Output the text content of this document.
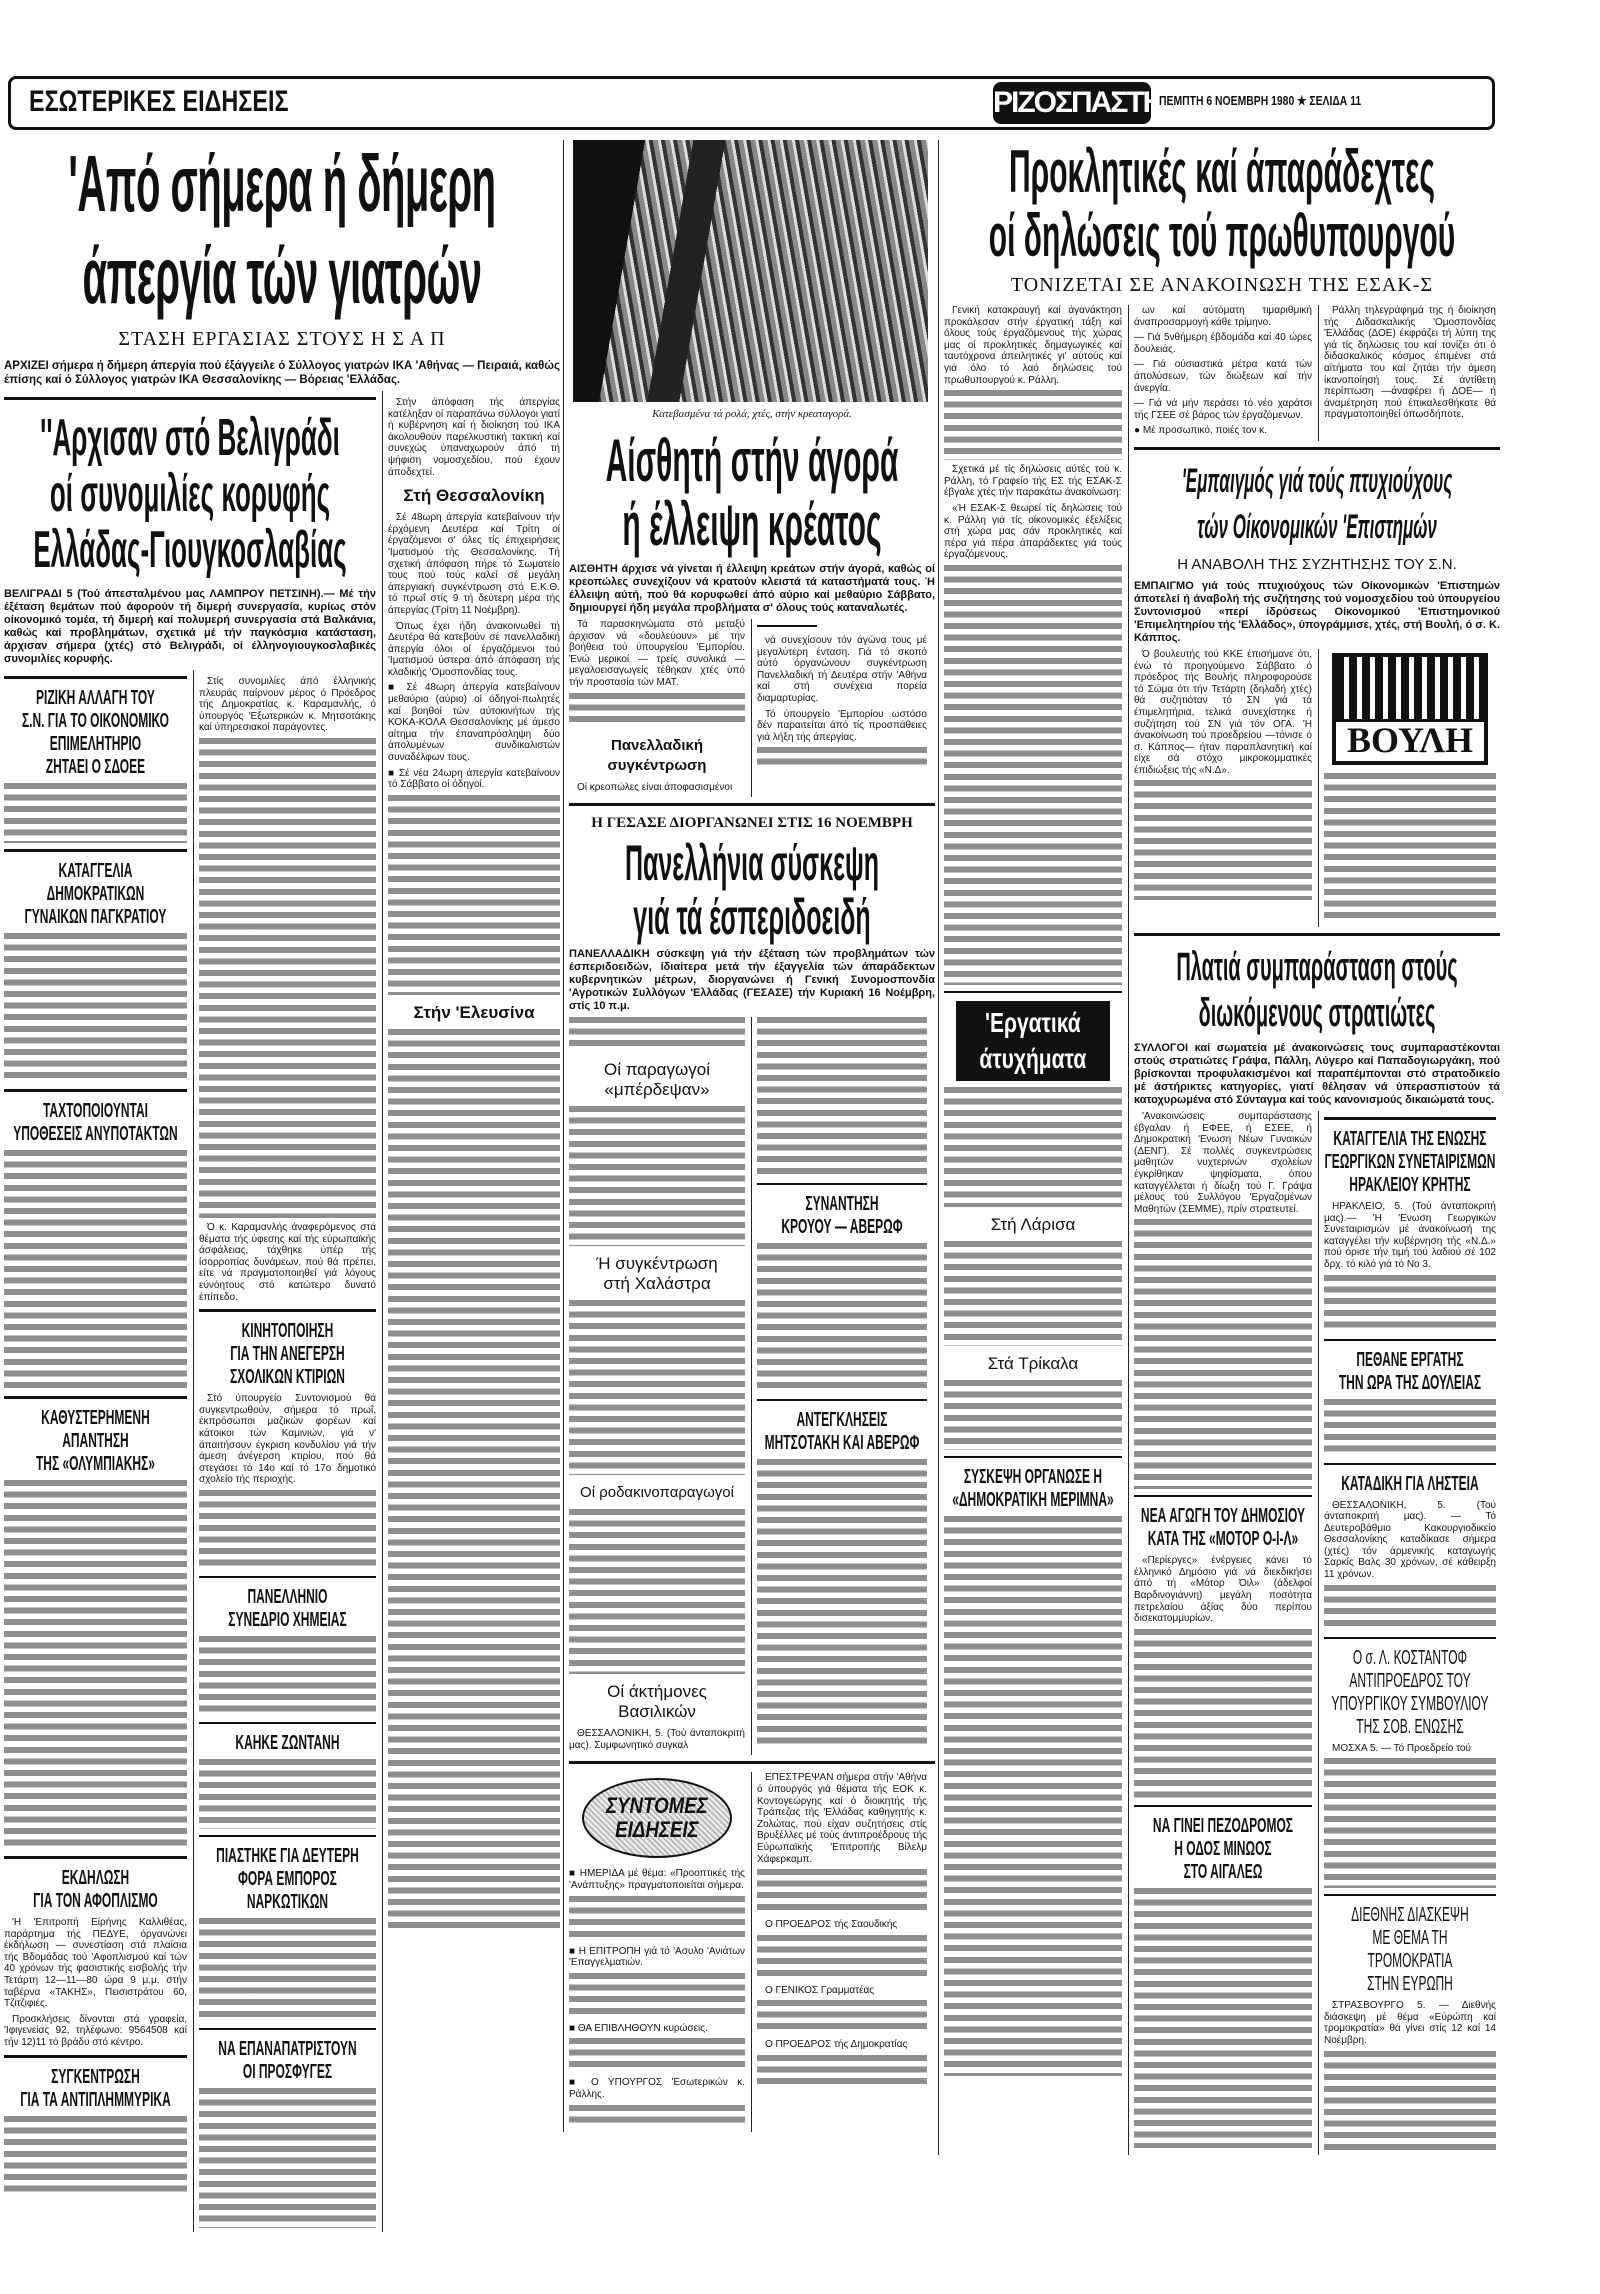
ΕΣΩΤΕΡΙΚΕΣ ΕΙΔΗΣΕΙΣ	ΡΙΖΟΣΠΑΣΤΗΣ
ΠΕΜΠΤΗ 6 ΝΟΕΜΒΡΗ 1980 ★ ΣΕΛΙΔΑ 11
'Από σήμερα ή δήμερη
άπεργία τών γιατρών
ΣΤΑΣΗ ΕΡΓΑΣΙΑΣ ΣΤΟΥΣ Η Σ Α Π
ΑΡΧΙΖΕΙ σήμερα ή δήμερη άπεργία πού έξάγγειλε ό Σύλλογος γιατρών ΙΚΑ 'Αθήνας — Πειραιά, καθώς έπίσης καί ό Σύλλογος γιατρών ΙΚΑ Θεσσαλονίκης — Βόρειας 'Ελλάδας.
''Αρχισαν στό Βελιγράδι
οί συνομιλίες κορυφής
Ελλάδας-Γιουγκοσλαβίας
ΒΕΛΙΓΡΑΔΙ 5 (Τού άπεσταλμένου μας ΛΑΜΠΡΟΥ ΠΕΤΣΙΝΗ).— Μέ τήν έξέταση θεμάτων πού άφορούν τή διμερή συνεργασία, κυρίως στόν οίκονομικό τομέα, τή διμερή καί πολυμερή συνεργασία στά Βαλκάνια, καθώς καί προβλημάτων, σχετικά μέ τήν παγκόσμια κατάσταση, άρχισαν σήμερα (χτές) στό Βελιγράδι, οί έλληνογιουγκοσλαβικές συνομιλίες κορυφής.
ΡΙΖΙΚΗ ΑΛΛΑΓΗ ΤΟΥ
Σ.Ν. ΓΙΑ ΤΟ ΟΙΚΟΝΟΜΙΚΟ
ΕΠΙΜΕΛΗΤΗΡΙΟ
ΖΗΤΑΕΙ Ο ΣΔΟΕΕ
ΚΑΤΑΓΓΕΛΙΑ
ΔΗΜΟΚΡΑΤΙΚΩΝ
ΓΥΝΑΙΚΩΝ ΠΑΓΚΡΑΤΙΟΥ
ΤΑΧΤΟΠΟΙΟΥΝΤΑΙ
ΥΠΟΘΕΣΕΙΣ ΑΝΥΠΟΤΑΚΤΩΝ
ΚΑΘΥΣΤΕΡΗΜΕΝΗ
ΑΠΑΝΤΗΣΗ
ΤΗΣ «ΟΛΥΜΠΙΑΚΗΣ»
ΕΚΔΗΛΩΣΗ
ΓΙΑ ΤΟΝ ΑΦΟΠΛΙΣΜΟ
'Η 'Επιτροπή Είρήνης Καλλιθέας, παράρτημα τής ΠΕΔΥΕ, όργανώνει έκδήλωση — συνεστίαση στά πλαίσια τής Βδομάδας τού 'Αφοπλισμού καί τών 40 χρόνων τής φασιστικής εισβολής τήν Τετάρτη 12—11—80 ώρα 9 μ.μ. στήν ταβέρνα «ΤΑΚΗΣ», Πεισιστράτου 60, Τζιτζιφιές.
Προσκλήσεις δίνονται στά γραφεία, 'Ιφιγενείας 92, τηλέφωνο: 9564508 καί τήν 12)11 τό βράδυ στό κέντρο.
ΣΥΓΚΕΝΤΡΩΣΗ
ΓΙΑ ΤΑ ΑΝΤΙΠΛΗΜΜΥΡΙΚΑ
Στίς συνομιλίες άπό έλληνικής πλευράς παίρνουν μέρος ό Πρόεδρος τής Δημοκρατίας κ. Καραμανλής, ό ύπουργός 'Εξωτερικών κ. Μητσοτάκης καί ύπηρεσιακοί παράγοντες.
Ό κ. Καραμανλής άναφερόμενος στά θέματα τής ύφεσης καί τής εύρωπαϊκής άσφάλειας, τάχθηκε ύπέρ τής ίσορροπίας δυνάμεων, πού θά πρέπει, είτε νά πραγματοποιηθεί γιά λόγους εύνόητους στό κατώτερο δυνατό έπίπεδο.
ΚΙΝΗΤΟΠΟΙΗΣΗ
ΓΙΑ ΤΗΝ ΑΝΕΓΕΡΣΗ
ΣΧΟΛΙΚΩΝ ΚΤΙΡΙΩΝ
Στό ύπουργείο Συντονισμού θά συγκεντρωθούν, σήμερα τό πρωΐ, έκπρόσωποι μαζικών φορέων καί κάτοικοι τών Καμινιών, γιά ν' άπαιτήσουν έγκριση κονδυλίου γιά τήν άμεση άνέγερση κτιρίου, πού θά στεγάσει τό 14ο καί τό 17ο δημοτικό σχολείο τής περιοχής.
ΠΑΝΕΛΛΗΝΙΟ
ΣΥΝΕΔΡΙΟ ΧΗΜΕΙΑΣ
ΚΑΗΚΕ ΖΩΝΤΑΝΗ
ΠΙΑΣΤΗΚΕ ΓΙΑ ΔΕΥΤΕΡΗ
ΦΟΡΑ ΕΜΠΟΡΟΣ
ΝΑΡΚΩΤΙΚΩΝ
ΝΑ ΕΠΑΝΑΠΑΤΡΙΣΤΟΥΝ
ΟΙ ΠΡΟΣΦΥΓΕΣ
Στήν άπόφαση τής άπεργίας κατέληξαν οί παραπάνω σύλλογοι γιατί ή κυβέρνηση καί ή διοίκηση τού ΙΚΑ άκολουθούν παρελκυστική τακτική καί συνεχώς ύπαναχωρούν άπό τή ψήφιση νομοσχεδίου, πού έχουν άποδεχτεί.
Στή Θεσσαλονίκη
Σέ 48ωρη άπεργία κατεβαίνουν τήν έρχόμενη Δευτέρα καί Τρίτη οί έργαζόμενοι σ' όλες τίς έπιχειρήσεις 'Ιματισμού τής Θεσσαλονίκης. Τή σχετική άπόφαση πήρε τό Σωματείο τους πού τούς καλεί σέ μεγάλη άπεργιακή συγκέντρωση στό Ε.Κ.Θ. τό πρωΐ στίς 9 τή δεύτερη μέρα τής άπεργίας (Τρίτη 11 Νοέμβρη).
Όπως έχει ήδη άνακοινωθεί τή Δευτέρα θά κατεβούν σέ πανελλαδική άπεργία όλοι οί έργαζόμενοι τού 'Ιματισμού ύστερα άπό άπόφαση τής κλαδικής 'Ομοσπονδίας τους.
■ Σέ 48ωρη άπεργία κατεβαίνουν μεθαύριο (αύριο) οί όδηγοί-πωλητές καί βοηθοί τών αύτοκινήτων τής ΚΟΚΑ-ΚΟΛΑ Θεσσαλονίκης μέ άμεσο αίτημα τήν έπαναπρόσληψη δύο άπολυμένων συνδικαλιστών συναδέλφων τους.
■ Σέ νέα 24ωρη άπεργία κατεβαίνουν τό Σάββατο οί όδηγοί.
Στήν 'Ελευσίνα
Κατεβασμένα τά ρολά, χτές, στήν κρεαταγορά.
Αίσθητή στήν άγορά
ή έλλειψη κρέατος
ΑΙΣΘΗΤΗ άρχισε νά γίνεται ή έλλειψη κρεάτων στήν άγορά, καθώς οί κρεοπώλες συνεχίζουν νά κρατούν κλειστά τά καταστήματά τους. Ή έλλειψη αύτή, πού θά κορυφωθεί άπό αύριο καί μεθαύριο Σάββατο, δημιουργεί ήδη μεγάλα προβλήματα σ' όλους τούς καταναλωτές.
Τά παρασκηνώματα στό μεταξύ άρχισαν νά «δουλεύουν» μέ τήν βοήθεια τού ύπουργείου 'Εμπορίου. Ένώ μερικοί — τρείς συνολικά — μεγαλοεισαγωγείς τέθηκαν χτές ύπό τήν προστασία τών ΜΑΤ.
Πανελλαδική συγκέντρωση
Οί κρεοπώλες είναι άποφασισμένοι
νά συνεχίσουν τόν άγώνα τους μέ μεγαλύτερη ένταση. Γιά τό σκοπό αύτό όργανώνουν συγκέντρωση Πανελλαδική τή Δευτέρα στήν 'Αθήνα καί στή συνέχεια πορεία διαμαρτυρίας.
Τό ύπουργείο 'Εμπορίου ωστόσο δέν παραιτείται άπό τίς προσπάθειες γιά λήξη τής άπεργίας.
Η ΓΕΣΑΣΕ ΔΙΟΡΓΑΝΩΝΕΙ ΣΤΙΣ 16 ΝΟΕΜΒΡΗ
Πανελλήνια σύσκεψη
γιά τά έσπεριδοειδή
ΠΑΝΕΛΛΑΔΙΚΗ σύσκεψη γιά τήν έξέταση τών προβλημάτων τών έσπεριδοειδών, ίδιαίτερα μετά τήν έξαγγελία τών άπαράδεκτων κυβερνητικών μέτρων, διοργανώνει ή Γενική Συνομοσπονδία 'Αγροτικών Συλλόγων 'Ελλάδας (ΓΕΣΑΣΕ) τήν Κυριακή 16 Νοέμβρη, στίς 10 π.μ.
Οί παραγωγοί
«μπέρδεψαν»
Ή συγκέντρωση
στή Χαλάστρα
Οί ροδακινοπαραγωγοί
Οί άκτήμονες
Βασιλικών
ΘΕΣΣΑΛΟΝΙΚΗ, 5. (Τού άνταποκριτή μας). Συμφωνητικό συγκαλ
ΣΥΝΑΝΤΗΣΗ
ΚΡΟΥΟΥ — ΑΒΕΡΩΦ
ΑΝΤΕΓΚΛΗΣΕΙΣ
ΜΗΤΣΟΤΑΚΗ ΚΑΙ ΑΒΕΡΩΦ
ΣΥΝΤΟΜΕΣ
ΕΙΔΗΣΕΙΣ
■ ΗΜΕΡΙΔΑ μέ θέμα: «Προοπτικές τής 'Ανάπτυξης» πραγματοποιείται σήμερα.
■ Η ΕΠΙΤΡΟΠΗ γιά τό 'Ασυλο 'Ανιάτων 'Επαγγελματιών.
■ ΘΑ ΕΠΙΒΛΗΘΟΥΝ κυρώσεις.
■ Ο ΥΠΟΥΡΓΟΣ 'Εσωτερικών κ. Ράλλης.
ΕΠΕΣΤΡΕΨΑΝ σήμερα στήν 'Αθήνα ό ύπουργός γιά θέματα τής ΕΟΚ κ. Κοντογεώργης καί ό διοικητής τής Τράπεζας τής 'Ελλάδας καθηγητής κ. Ζολώτας, πού είχαν συζητήσεις στίς Βρυξέλλες μέ τούς άντιπροέδρους τής Εύρωπαϊκής 'Επιτροπής Βίλελμ Χάφερκαμπ.
Ο ΠΡΟΕΔΡΟΣ τής Σαουδικής
Ο ΓΕΝΙΚΟΣ Γραμματέας
Ο ΠΡΟΕΔΡΟΣ τής Δημοκρατίας
Προκλητικές καί άπαράδεχτες
οί δηλώσεις τού πρωθυπουργού
ΤΟΝΙΖΕΤΑΙ ΣΕ ΑΝΑΚΟΙΝΩΣΗ ΤΗΣ ΕΣΑΚ-Σ
Γενική κατακραυγή καί άγανάκτηση προκάλεσαν στήν έργατική τάξη καί όλους τούς έργαζόμενους τής χώρας μας οί προκλητικές δημαγωγικές καί ταυτόχρονα άπειλητικές γι' αύτούς καί γιά όλο τό λαό δηλώσεις τού πρωθυπουργού κ. Ράλλη.
Σχετικά μέ τίς δηλώσεις αύτές τού κ. Ράλλη, τό Γραφείο τής ΕΣ τής ΕΣΑΚ-Σ έβγαλε χτές τήν παρακάτω άνακοίνωση:
«Ή ΕΣΑΚ-Σ θεωρεί τίς δηλώσεις τού κ. Ράλλη γιά τίς οίκονομικές έξελίξεις στή χώρα μας σάν προκλητικές καί πέρα γιά πέρα άπαράδεκτες γιά τούς έργαζόμενους.
'Εργατικά
άτυχήματα
Στή Λάρισα
Στά Τρίκαλα
ΣΥΣΚΕΨΗ ΟΡΓΑΝΩΣΕ Η
«ΔΗΜΟΚΡΑΤΙΚΗ ΜΕΡΙΜΝΑ»
ων καί αύτόματη τιμαριθμική άναπροσαρμογή κάθε τρίμηνο.
— Γιά 5νθήμερη έβδομάδα καί 40 ώρες δουλειάς.
— Γιά ούσιαστικά μέτρα κατά τών άπολύσεων, τών διώξεων καί τήν άνεργία.
— Γιά νά μήν περάσει τό νέο χαράτσι τής ΓΣΕΕ σέ βάρος τών έργαζόμενων.
● Μέ προσωπικό, ποιές τον κ.
Ράλλη τηλεγράφημά της ή διοίκηση τής Διδασκαλικής 'Ομοσπονδίας 'Ελλάδας (ΔΟΕ) έκφράζει τή λύπη της γιά τίς δηλώσεις του καί τονίζει ότι ό διδασκαλικός κόσμος έπιμένει στά αίτήματα του καί ζητάει τήν άμεση ίκανοποίησή τους. Σέ άντίθετη περίπτωση —άναφέρει ή ΔΟΕ— ή άναμέτρηση πού έπικαλεσθήκατε θά πραγματοποιηθεί όπωσδήποτε.
'Εμπαιγμός γιά τούς πτυχιούχους
τών Οίκονομικών 'Επιστημών
Η ΑΝΑΒΟΛΗ ΤΗΣ ΣΥΖΗΤΗΣΗΣ ΤΟΥ Σ.Ν.
ΕΜΠΑΙΓΜΟ γιά τούς πτυχιούχους τών Οίκονομικών 'Επιστημών άποτελεί ή άναβολή τής συζήτησης τού νομοσχεδίου τού ύπουργείου Συντονισμού «περί ίδρύσεως Οίκονομικού 'Επιστημονικού 'Επιμελητηρίου τής 'Ελλάδος», ύπογράμμισε, χτές, στή Βουλή, ό σ. Κ. Κάππος.
Ό βουλευτής τού ΚΚΕ έπισήμανε ότι, ένώ τό προηγούμενο Σάββατο ό πρόεδρος τής Βουλής πληροφορούσε τό Σώμα ότι τήν Τετάρτη (δηλαδή χτές) θά συζητιόταν τό ΣΝ γιά τά έπιμελητήρια, τελικά συνεχίστηκε ή συζήτηση τού ΣΝ γιά τόν ΟΓΑ. 'Η άνακοίνωση τού προεδρείου —τόνισε ό σ. Κάππος— ήταν παραπλανητική καί είχε σά στόχο μικροκομματικές έπιδιώξεις τής «Ν.Δ».
ΒΟΥΛΗ
Πλατιά συμπαράσταση στούς
διωκόμενους στρατιώτες
ΣΥΛΛΟΓΟΙ καί σωματεία μέ άνακοινώσεις τους συμπαραστέκονται στούς στρατιώτες Γράψα, Πάλλη, Λύγερο καί Παπαδογιωργάκη, πού βρίσκονται προφυλακισμένοι καί παραπέμπονται στό στρατοδικείο μέ άστήρικτες κατηγορίες, γιατί θέλησαν νά ύπερασπιστούν τά κατοχυρωμένα στό Σύνταγμα καί τούς κανονισμούς δικαιώματά τους.
'Ανακοινώσεις συμπαράστασης έβγαλαν ή ΕΦΕΕ, ή ΕΣΕΕ, ή Δημοκρατική 'Ενωση Νέων Γυναικών (ΔΕΝΓ). Σέ πολλές συγκεντρώσεις μαθητών νυχτερινών σχολείων έγκρίθηκαν ψηφίσματα, όπου καταγγέλλεται ή δίωξη τού Γ. Γράψα μέλους τού Συλλόγου 'Εργαζομένων Μαθητών (ΣΕΜΜΕ), πρίν στρατευτεί.
ΝΕΑ ΑΓΩΓΗ ΤΟΥ ΔΗΜΟΣΙΟΥ
ΚΑΤΑ ΤΗΣ «ΜΟΤΟΡ Ο-Ι-Λ»
«Περίεργες» ένέργειες κάνει τό έλληνικό Δημόσιο γιά νά διεκδικήσει άπό τή «Μότορ Όιλ» (άδελφοί Βαρδινογιάννη) μεγάλη ποσότητα πετρελαίου άξίας δύο περίπου δισεκατομμυρίων.
ΝΑ ΓΙΝΕΙ ΠΕΖΟΔΡΟΜΟΣ
Η ΟΔΟΣ ΜΙΝΩΟΣ
ΣΤΟ ΑΙΓΑΛΕΩ
ΚΑΤΑΓΓΕΛΙΑ ΤΗΣ ΕΝΩΣΗΣ
ΓΕΩΡΓΙΚΩΝ ΣΥΝΕΤΑΙΡΙΣΜΩΝ
ΗΡΑΚΛΕΙΟΥ ΚΡΗΤΗΣ
ΗΡΑΚΛΕΙΟ, 5. (Τού άνταποκριτή μας).— 'Η 'Ενωση Γεωργικών Συνεταιρισμών μέ άνακοίνωσή της καταγγέλει τήν κυβέρνηση τής «Ν.Δ.» πού όρισε τήν τιμή τού λαδιού σέ 102 δρχ. τό κιλό γιά τό Νο 3.
ΠΕΘΑΝΕ ΕΡΓΑΤΗΣ
ΤΗΝ ΩΡΑ ΤΗΣ ΔΟΥΛΕΙΑΣ
ΚΑΤΑΔΙΚΗ ΓΙΑ ΛΗΣΤΕΙΑ
ΘΕΣΣΑΛΟΝΙΚΗ, 5. (Τού άνταποκριτή μας). — Τό Δευτεροβάθμιο Κακουργιοδικείο Θεσσαλονίκης καταδίκασε σήμερα (χτές) τόν άρμενικής καταγωγής Σαρκίς Βαλς 30 χρόνων, σέ κάθειρξη 11 χρόνων.
Ο σ. Λ. ΚΟΣΤΑΝΤΟΦ
ΑΝΤΙΠΡΟΕΔΡΟΣ ΤΟΥ
ΥΠΟΥΡΓΙΚΟΥ ΣΥΜΒΟΥΛΙΟΥ
ΤΗΣ ΣΟΒ. ΕΝΩΣΗΣ
ΜΟΣΧΑ 5. — Τό Προεδρείο τού
ΔΙΕΘΝΗΣ ΔΙΑΣΚΕΨΗ
ΜΕ ΘΕΜΑ ΤΗ
ΤΡΟΜΟΚΡΑΤΙΑ
ΣΤΗΝ ΕΥΡΩΠΗ
ΣΤΡΑΣΒΟΥΡΓΟ 5. — Διεθνής διάσκεψη μέ θέμα «Εύρώπη καί τρομοκρατία» θά γίνει στίς 12 καί 14 Νοέμβρη.
